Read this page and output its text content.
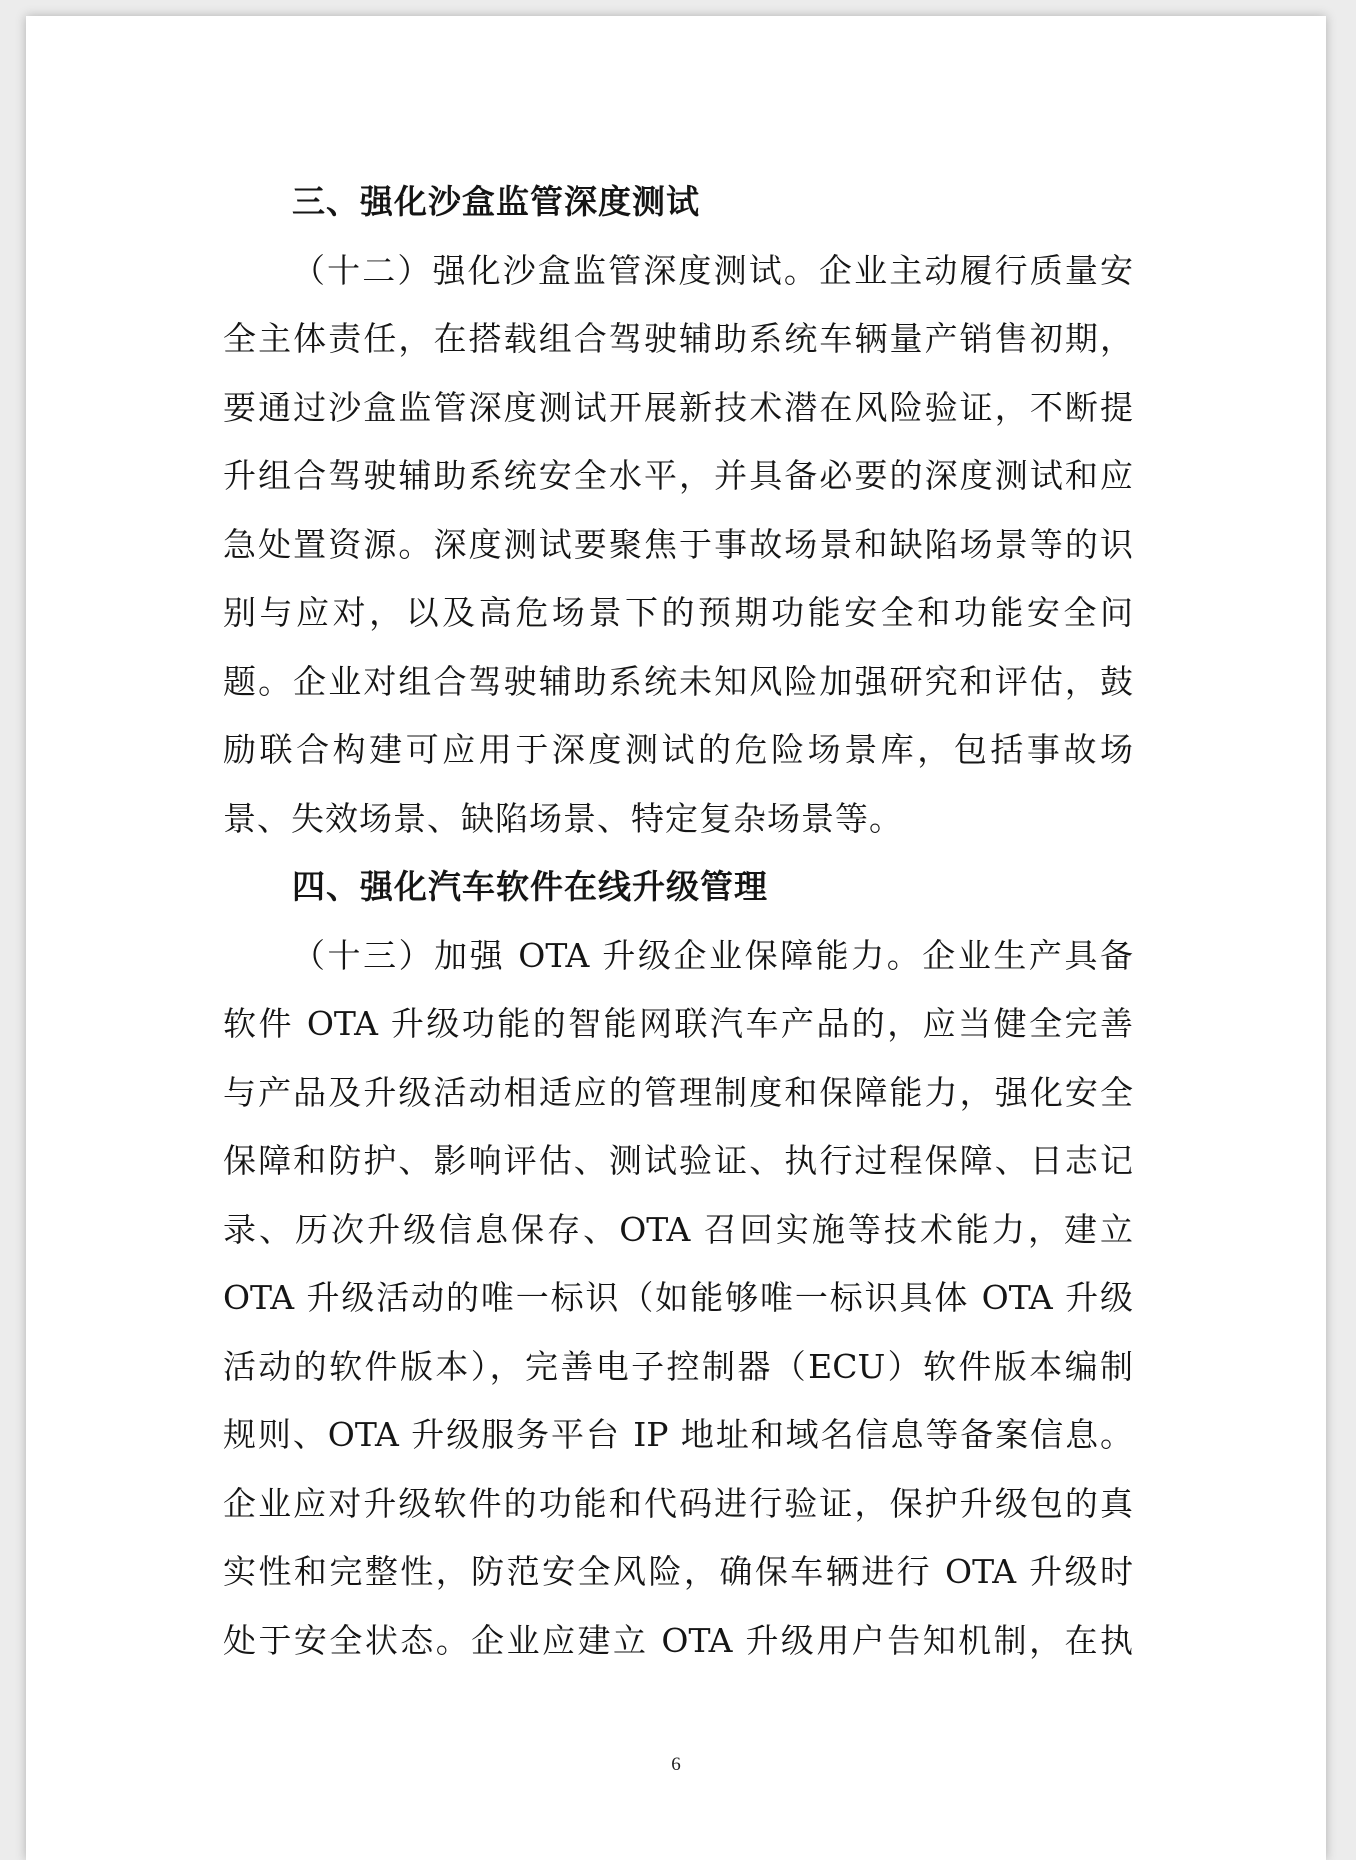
三、强化沙盒监管深度测试
（十二）强化沙盒监管深度测试。企业主动履行质量安
全主体责任，在搭载组合驾驶辅助系统车辆量产销售初期，
要通过沙盒监管深度测试开展新技术潜在风险验证，不断提
升组合驾驶辅助系统安全水平，并具备必要的深度测试和应
急处置资源。深度测试要聚焦于事故场景和缺陷场景等的识
别与应对，以及高危场景下的预期功能安全和功能安全问
题。企业对组合驾驶辅助系统未知风险加强研究和评估，鼓
励联合构建可应用于深度测试的危险场景库，包括事故场
景、失效场景、缺陷场景、特定复杂场景等。
四、强化汽车软件在线升级管理
（十三）加强 OTA 升级企业保障能力。企业生产具备
软件 OTA 升级功能的智能网联汽车产品的，应当健全完善
与产品及升级活动相适应的管理制度和保障能力，强化安全
保障和防护、影响评估、测试验证、执行过程保障、日志记
录、历次升级信息保存、OTA 召回实施等技术能力，建立
OTA 升级活动的唯一标识（如能够唯一标识具体 OTA 升级
活动的软件版本），完善电子控制器（ECU）软件版本编制
规则、OTA 升级服务平台 IP 地址和域名信息等备案信息。
企业应对升级软件的功能和代码进行验证，保护升级包的真
实性和完整性，防范安全风险，确保车辆进行 OTA 升级时
处于安全状态。企业应建立 OTA 升级用户告知机制，在执
6
